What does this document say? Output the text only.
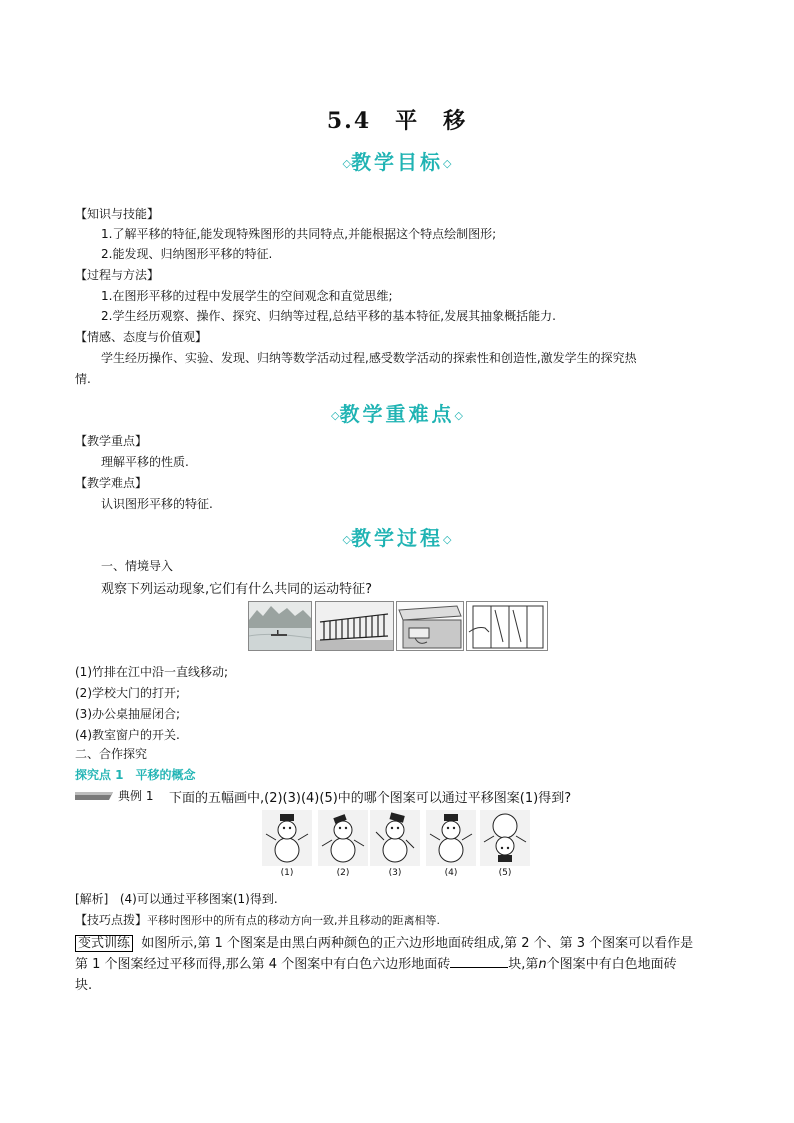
5.4　平　移
◇教学目标◇
【知识与技能】
1.了解平移的特征,能发现特殊图形的共同特点,并能根据这个特点绘制图形;
2.能发现、归纳图形平移的特征.
【过程与方法】
1.在图形平移的过程中发展学生的空间观念和直觉思维;
2.学生经历观察、操作、探究、归纳等过程,总结平移的基本特征,发展其抽象概括能力.
【情感、态度与价值观】
学生经历操作、实验、发现、归纳等数学活动过程,感受数学活动的探索性和创造性,激发学生的探究热
情.
◇教学重难点◇
【教学重点】
理解平移的性质.
【教学难点】
认识图形平移的特征.
◇教学过程◇
一、情境导入
观察下列运动现象,它们有什么共同的运动特征?
(1)竹排在江中沿一直线移动;
(2)学校大门的打开;
(3)办公桌抽屉闭合;
(4)教室窗户的开关.
二、合作探究
探究点 1　平移的概念
典例 1 下面的五幅画中,(2)(3)(4)(5)中的哪个图案可以通过平移图案(1)得到?
(1)	(2)	(3)	(4)	(5)
[解析] (4)可以通过平移图案(1)得到.
【技巧点拨】平移时图形中的所有点的移动方向一致,并且移动的距离相等.
变式训练 如图所示,第 1 个图案是由黑白两种颜色的正六边形地面砖组成,第 2 个、第 3 个图案可以看作是
第 1 个图案经过平移而得,那么第 4 个图案中有白色六边形地面砖	块,第n个图案中有白色地面砖
块.
